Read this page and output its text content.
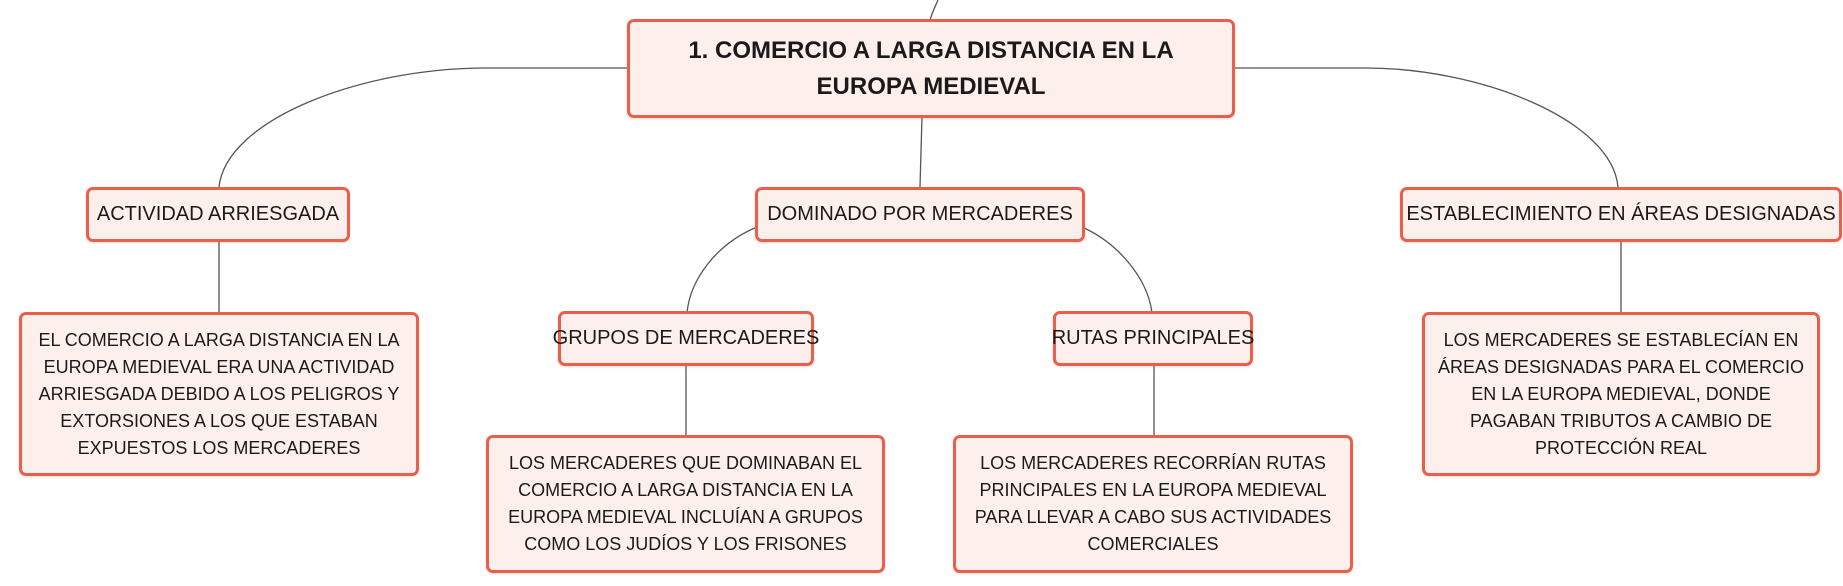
1. COMERCIO A LARGA DISTANCIA EN LA EUROPA MEDIEVAL
ACTIVIDAD ARRIESGADA	DOMINADO POR MERCADERES	ESTABLECIMIENTO EN ÁREAS DESIGNADAS
GRUPOS DE MERCADERES	RUTAS PRINCIPALES
EL COMERCIO A LARGA DISTANCIA EN LA EUROPA MEDIEVAL ERA UNA ACTIVIDAD ARRIESGADA DEBIDO A LOS PELIGROS Y EXTORSIONES A LOS QUE ESTABAN EXPUESTOS LOS MERCADERES
LOS MERCADERES QUE DOMINABAN EL COMERCIO A LARGA DISTANCIA EN LA EUROPA MEDIEVAL INCLUÍAN A GRUPOS COMO LOS JUDÍOS Y LOS FRISONES
LOS MERCADERES RECORRÍAN RUTAS PRINCIPALES EN LA EUROPA MEDIEVAL PARA LLEVAR A CABO SUS ACTIVIDADES COMERCIALES
LOS MERCADERES SE ESTABLECÍAN EN ÁREAS DESIGNADAS PARA EL COMERCIO EN LA EUROPA MEDIEVAL, DONDE PAGABAN TRIBUTOS A CAMBIO DE PROTECCIÓN REAL
